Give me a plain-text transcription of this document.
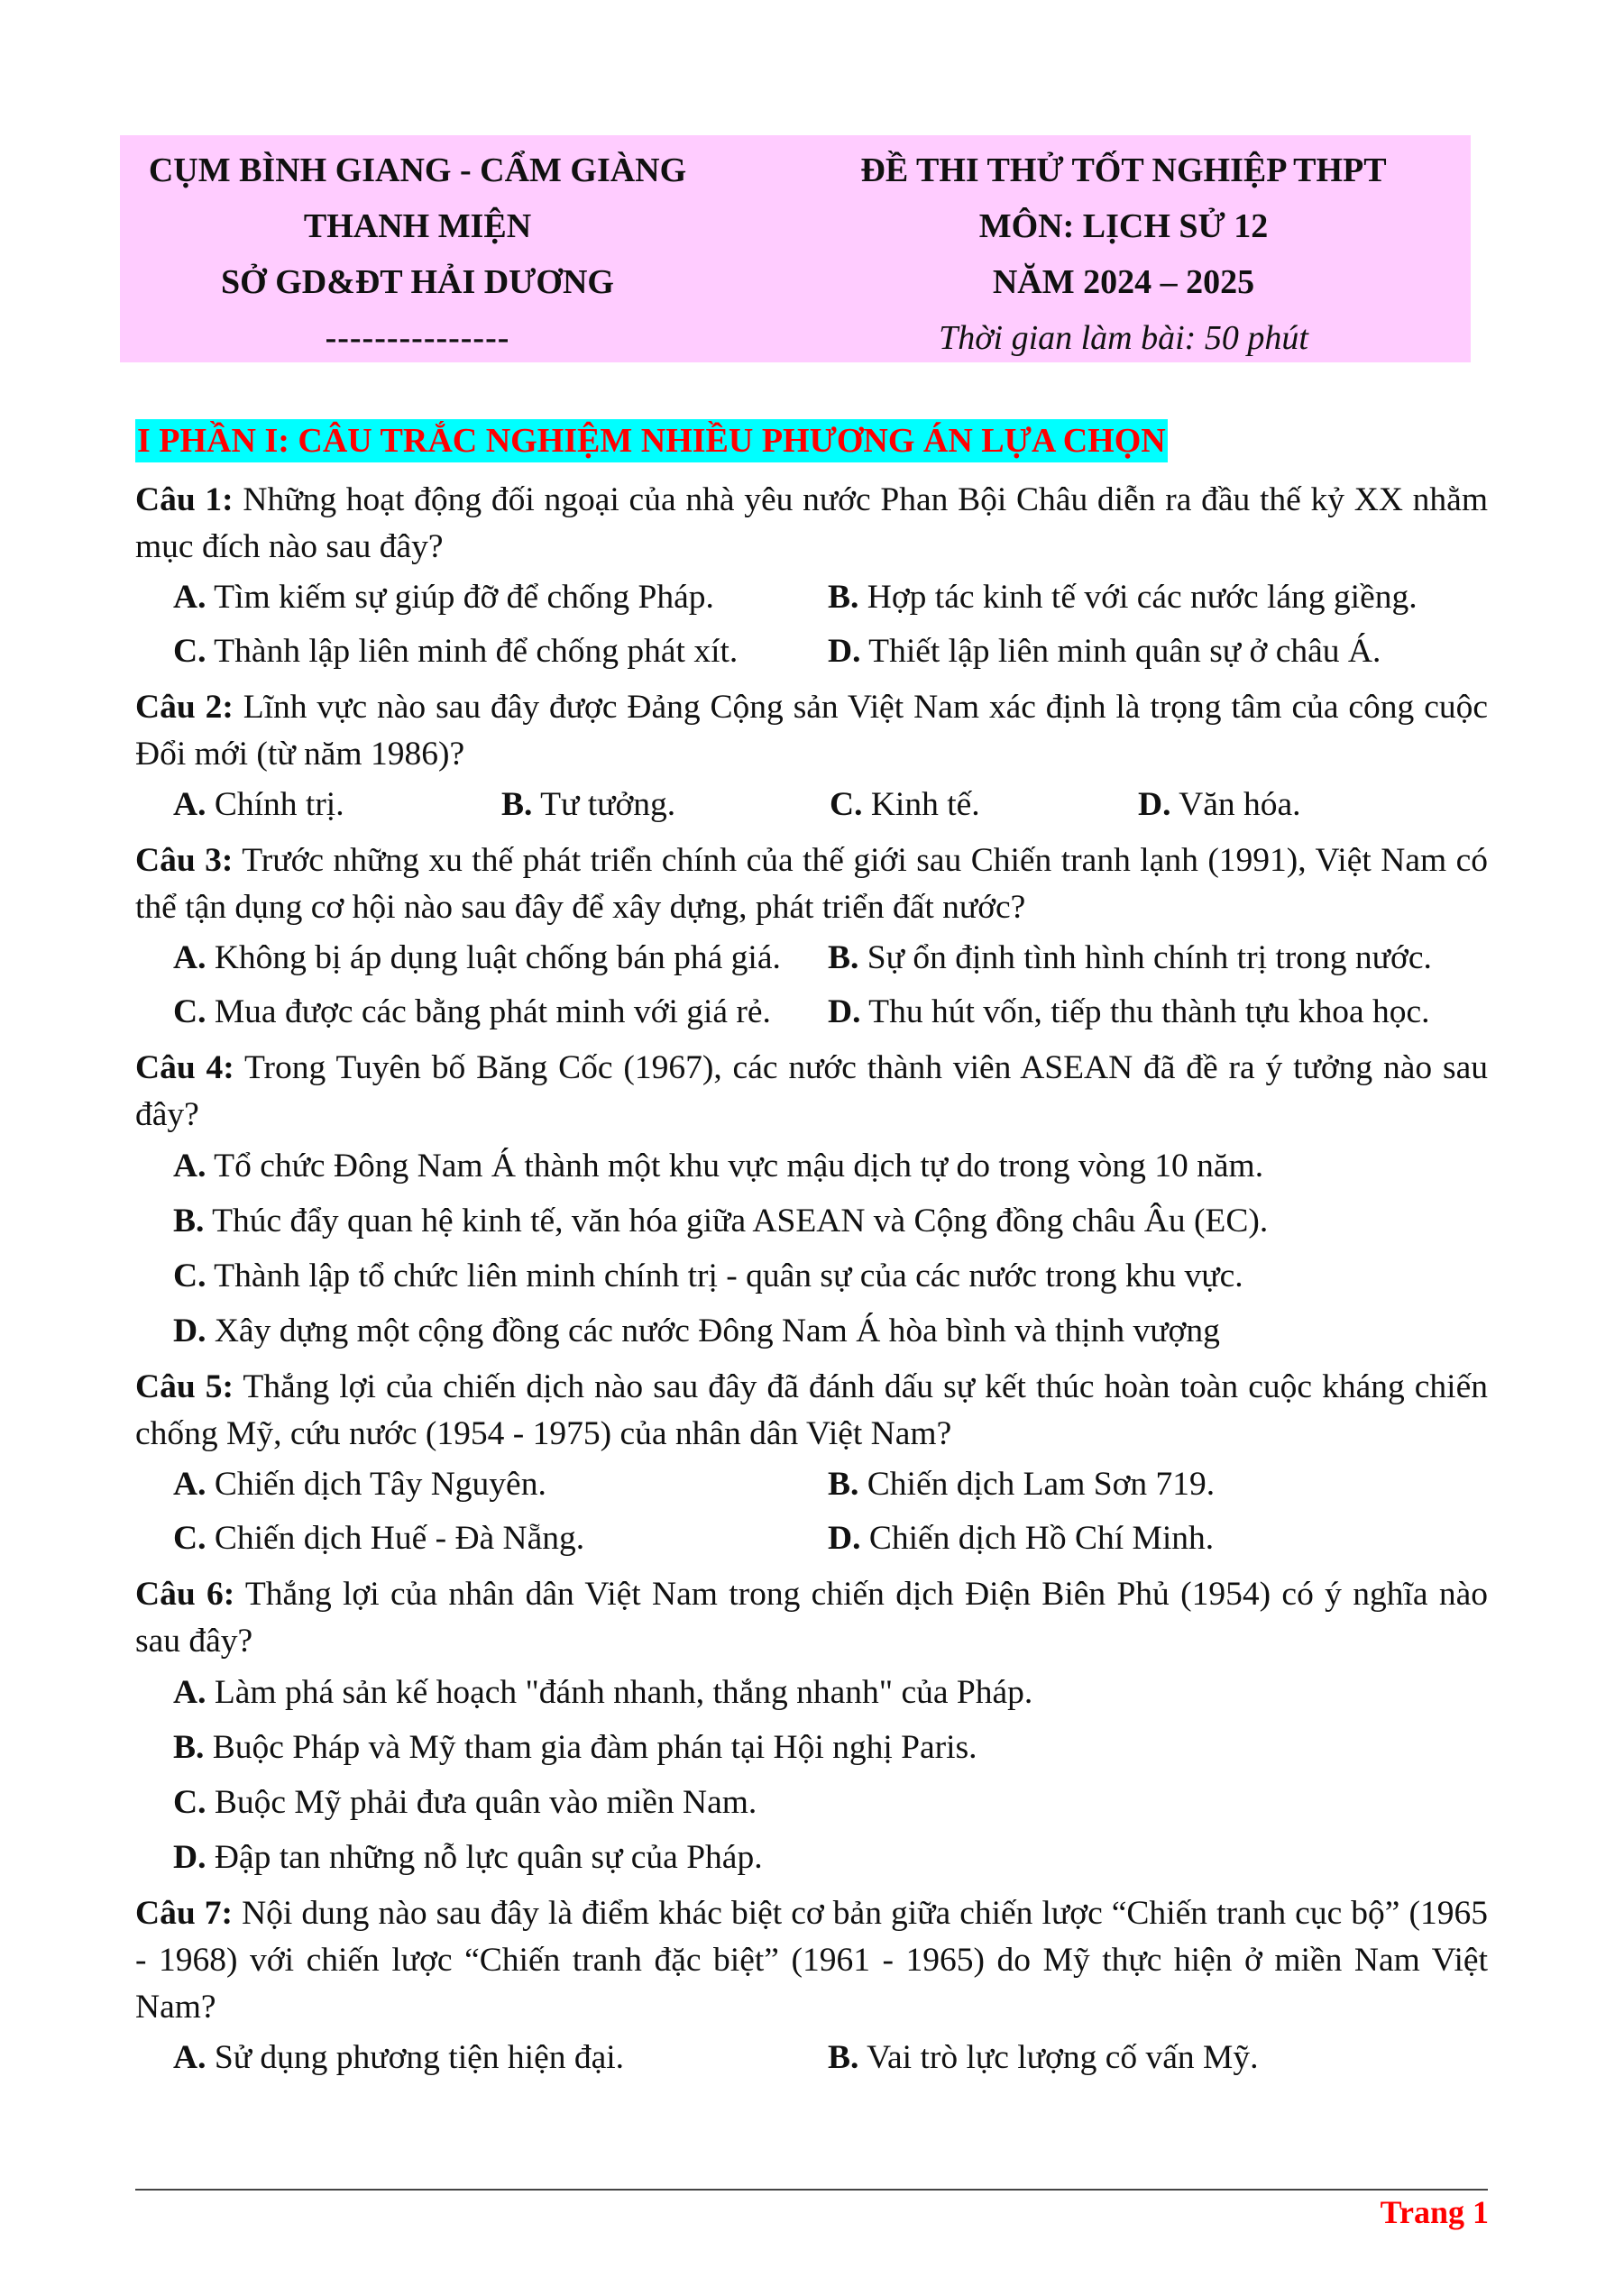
CỤM BÌNH GIANG - CẨM GIÀNG
THANH MIỆN
SỞ GD&ĐT HẢI DƯƠNG
---------------
ĐỀ THI THỬ TỐT NGHIỆP THPT
MÔN: LỊCH SỬ 12
NĂM 2024 – 2025
Thời gian làm bài: 50 phút
I PHẦN I: CÂU TRẮC NGHIỆM NHIỀU PHƯƠNG ÁN LỰA CHỌN
Câu 1: Những hoạt động đối ngoại của nhà yêu nước Phan Bội Châu diễn ra đầu thế kỷ XX nhằm mục đích nào sau đây?
A. Tìm kiếm sự giúp đỡ để chống Pháp.	B. Hợp tác kinh tế với các nước láng giềng.
C. Thành lập liên minh để chống phát xít.	D. Thiết lập liên minh quân sự ở châu Á.
Câu 2: Lĩnh vực nào sau đây được Đảng Cộng sản Việt Nam xác định là trọng tâm của công cuộc Đổi mới (từ năm 1986)?
A. Chính trị.	B. Tư tưởng.	C. Kinh tế.	D. Văn hóa.
Câu 3: Trước những xu thế phát triển chính của thế giới sau Chiến tranh lạnh (1991), Việt Nam có thể tận dụng cơ hội nào sau đây để xây dựng, phát triển đất nước?
A. Không bị áp dụng luật chống bán phá giá.	B. Sự ổn định tình hình chính trị trong nước.
C. Mua được các bằng phát minh với giá rẻ.	D. Thu hút vốn, tiếp thu thành tựu khoa học.
Câu 4: Trong Tuyên bố Băng Cốc (1967), các nước thành viên ASEAN đã đề ra ý tưởng nào sau đây?
A. Tổ chức Đông Nam Á thành một khu vực mậu dịch tự do trong vòng 10 năm.
B. Thúc đẩy quan hệ kinh tế, văn hóa giữa ASEAN và Cộng đồng châu Âu (EC).
C. Thành lập tổ chức liên minh chính trị - quân sự của các nước trong khu vực.
D. Xây dựng một cộng đồng các nước Đông Nam Á hòa bình và thịnh vượng
Câu 5: Thắng lợi của chiến dịch nào sau đây đã đánh dấu sự kết thúc hoàn toàn cuộc kháng chiến chống Mỹ, cứu nước (1954 - 1975) của nhân dân Việt Nam?
A. Chiến dịch Tây Nguyên.	B. Chiến dịch Lam Sơn 719.
C. Chiến dịch Huế - Đà Nẵng.	D. Chiến dịch Hồ Chí Minh.
Câu 6: Thắng lợi của nhân dân Việt Nam trong chiến dịch Điện Biên Phủ (1954) có ý nghĩa nào sau đây?
A. Làm phá sản kế hoạch "đánh nhanh, thắng nhanh" của Pháp.
B. Buộc Pháp và Mỹ tham gia đàm phán tại Hội nghị Paris.
C. Buộc Mỹ phải đưa quân vào miền Nam.
D. Đập tan những nỗ lực quân sự của Pháp.
Câu 7: Nội dung nào sau đây là điểm khác biệt cơ bản giữa chiến lược “Chiến tranh cục bộ” (1965 - 1968) với chiến lược “Chiến tranh đặc biệt” (1961 - 1965) do Mỹ thực hiện ở miền Nam Việt Nam?
A. Sử dụng phương tiện hiện đại.	B. Vai trò lực lượng cố vấn Mỹ.
Trang 1
